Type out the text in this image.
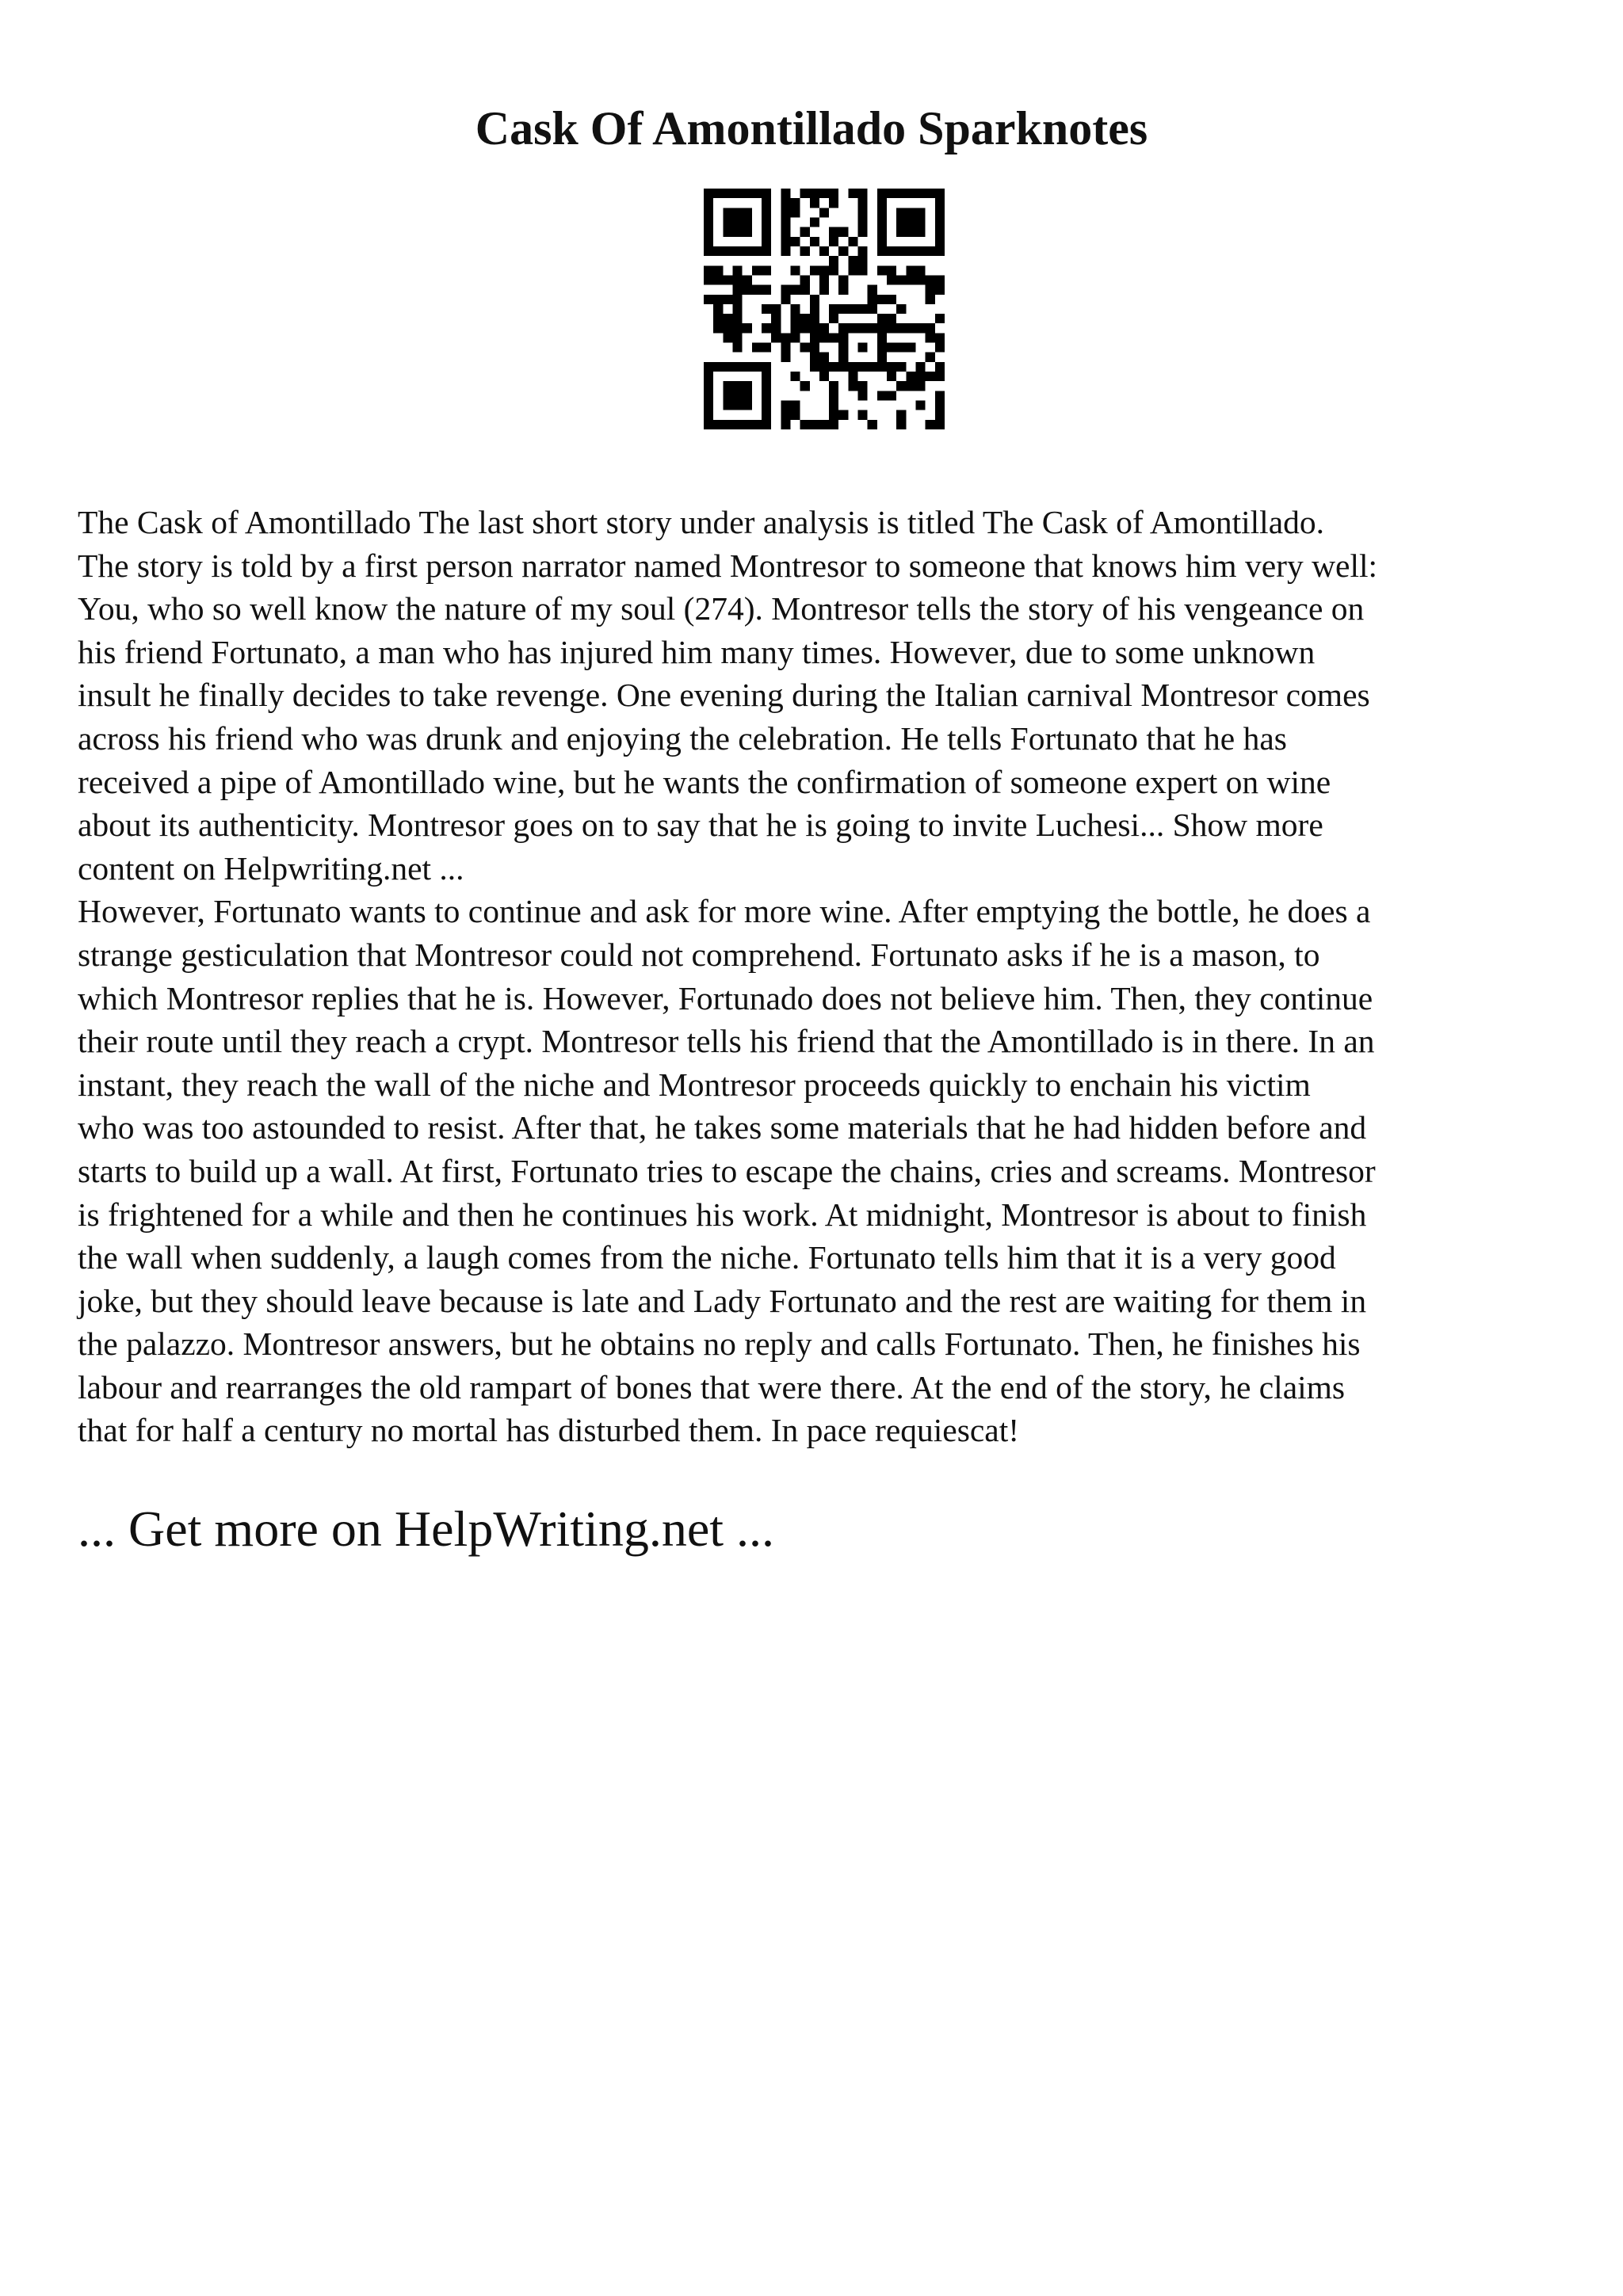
Cask Of Amontillado Sparknotes

The Cask of Amontillado The last short story under analysis is titled The Cask of Amontillado.

The story is told by a first person narrator named Montresor to someone that knows him very well:

You, who so well know the nature of my soul (274). Montresor tells the story of his vengeance on

his friend Fortunato, a man who has injured him many times. However, due to some unknown

insult he finally decides to take revenge. One evening during the Italian carnival Montresor comes

across his friend who was drunk and enjoying the celebration. He tells Fortunato that he has

received a pipe of Amontillado wine, but he wants the confirmation of someone expert on wine

about its authenticity. Montresor goes on to say that he is going to invite Luchesi... Show more

content on Helpwriting.net ...

However, Fortunato wants to continue and ask for more wine. After emptying the bottle, he does a

strange gesticulation that Montresor could not comprehend. Fortunato asks if he is a mason, to

which Montresor replies that he is. However, Fortunado does not believe him. Then, they continue

their route until they reach a crypt. Montresor tells his friend that the Amontillado is in there. In an

instant, they reach the wall of the niche and Montresor proceeds quickly to enchain his victim

who was too astounded to resist. After that, he takes some materials that he had hidden before and

starts to build up a wall. At first, Fortunato tries to escape the chains, cries and screams. Montresor

is frightened for a while and then he continues his work. At midnight, Montresor is about to finish

the wall when suddenly, a laugh comes from the niche. Fortunato tells him that it is a very good

joke, but they should leave because is late and Lady Fortunato and the rest are waiting for them in

the palazzo. Montresor answers, but he obtains no reply and calls Fortunato. Then, he finishes his

labour and rearranges the old rampart of bones that were there. At the end of the story, he claims

that for half a century no mortal has disturbed them. In pace requiescat!

... Get more on HelpWriting.net ...
